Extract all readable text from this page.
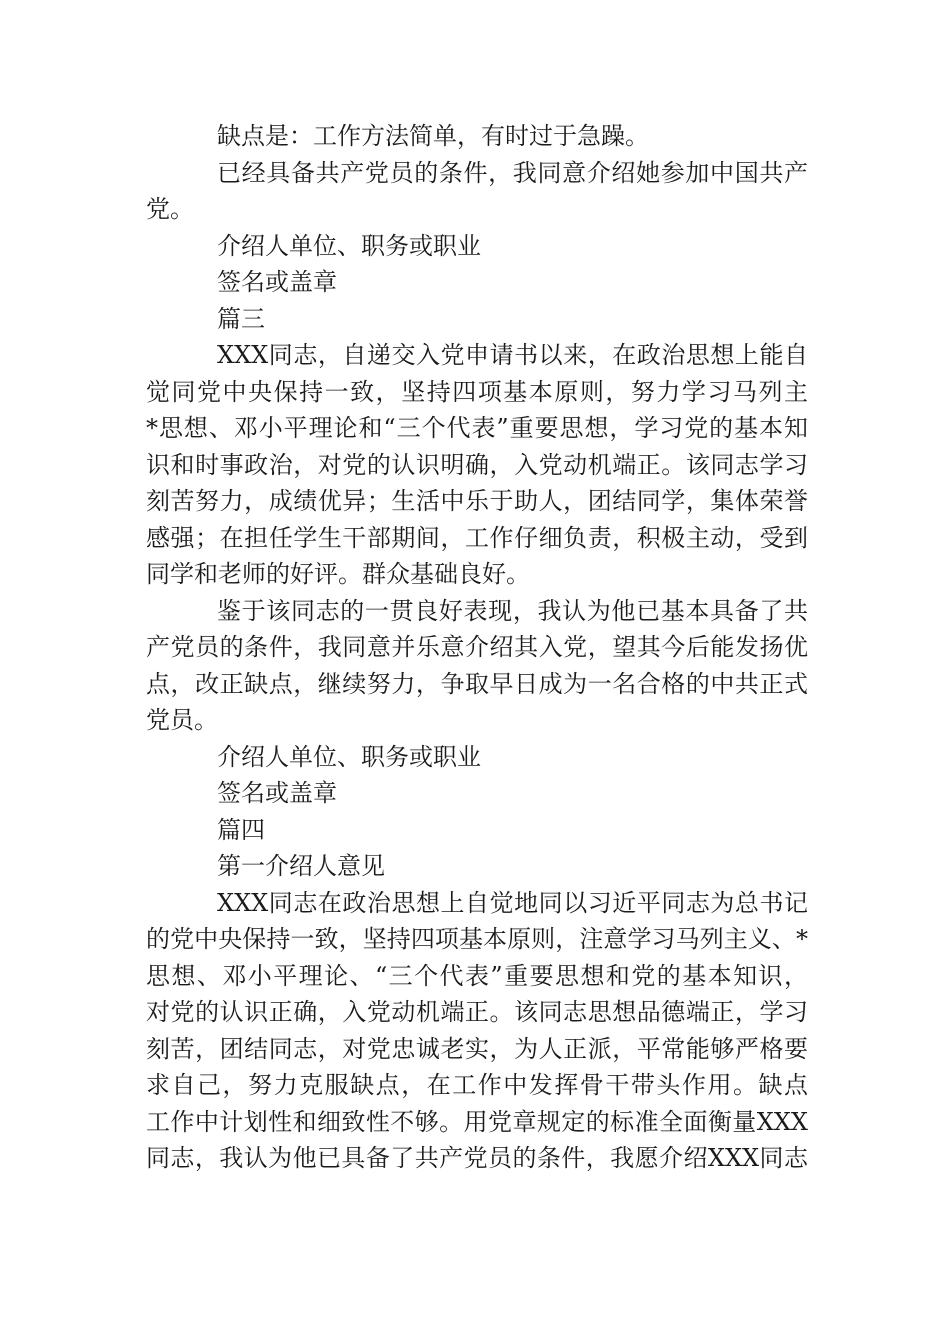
缺点是：工作方法简单，有时过于急躁。
已经具备共产党员的条件，我同意介绍她参加中国共产
党。
介绍人单位、职务或职业
签名或盖章
篇三
XXX同志，自递交入党申请书以来，在政治思想上能自
觉同党中央保持一致，坚持四项基本原则，努力学习马列主
*思想、邓小平理论和“三个代表”重要思想，学习党的基本知
识和时事政治，对党的认识明确，入党动机端正。该同志学习
刻苦努力，成绩优异；生活中乐于助人，团结同学，集体荣誉
感强；在担任学生干部期间，工作仔细负责，积极主动，受到
同学和老师的好评。群众基础良好。
鉴于该同志的一贯良好表现，我认为他已基本具备了共
产党员的条件，我同意并乐意介绍其入党，望其今后能发扬优
点，改正缺点，继续努力，争取早日成为一名合格的中共正式
党员。
介绍人单位、职务或职业
签名或盖章
篇四
第一介绍人意见
XXX同志在政治思想上自觉地同以习近平同志为总书记
的党中央保持一致，坚持四项基本原则，注意学习马列主义、*
思想、邓小平理论、“三个代表”重要思想和党的基本知识，
对党的认识正确，入党动机端正。该同志思想品德端正，学习
刻苦，团结同志，对党忠诚老实，为人正派，平常能够严格要
求自己，努力克服缺点，在工作中发挥骨干带头作用。缺点
工作中计划性和细致性不够。用党章规定的标准全面衡量XXX
同志，我认为他已具备了共产党员的条件，我愿介绍XXX同志
